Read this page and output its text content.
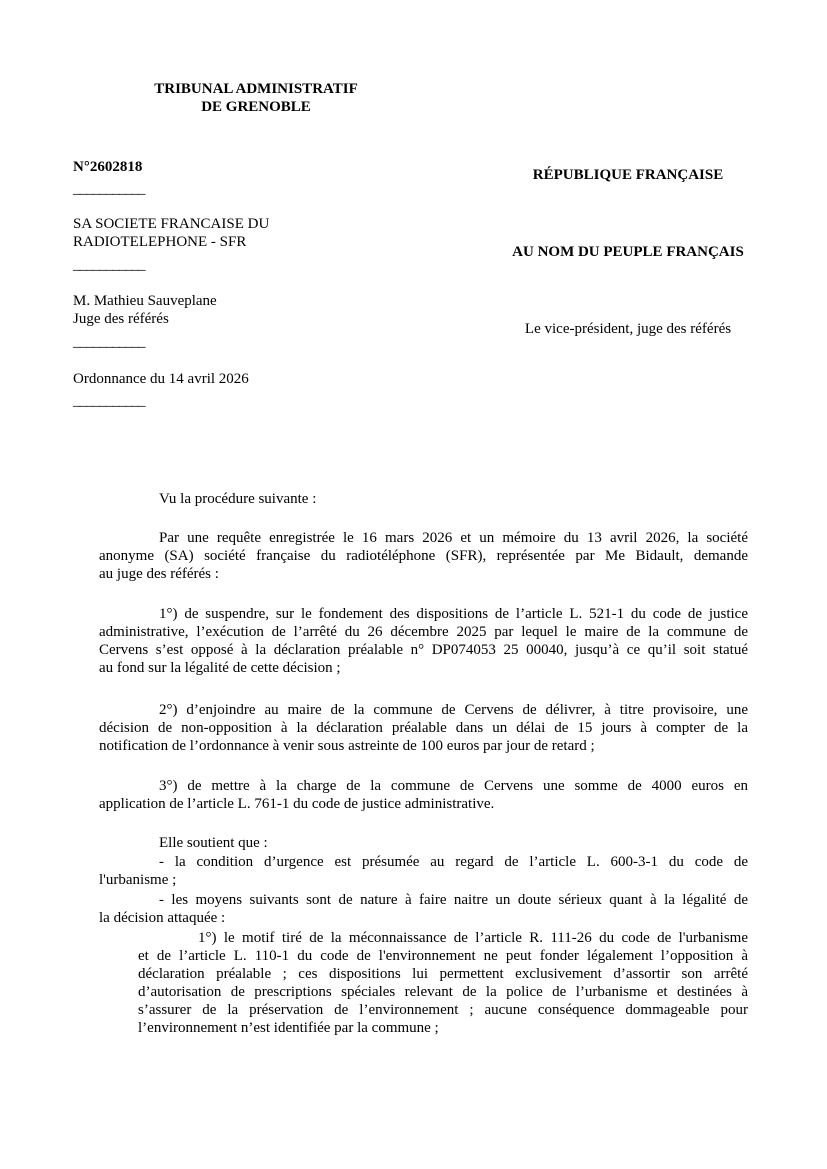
TRIBUNAL ADMINISTRATIF
DE GRENOBLE
N°2602818
___________
SA SOCIETE FRANCAISE DU
RADIOTELEPHONE - SFR
___________
M. Mathieu Sauveplane
Juge des référés
___________
Ordonnance du 14 avril 2026
___________
RÉPUBLIQUE FRANÇAISE
AU NOM DU PEUPLE FRANÇAIS
Le vice-président, juge des référés
Vu la procédure suivante :
Par une requête enregistrée le 16 mars 2026 et un mémoire du 13 avril 2026, la société
anonyme (SA) société française du radiotéléphone (SFR), représentée par Me Bidault, demande
au juge des référés :
1°) de suspendre, sur le fondement des dispositions de l’article L. 521-1 du code de justice
administrative, l’exécution de l’arrêté du 26 décembre 2025 par lequel le maire de la commune de
Cervens s’est opposé à la déclaration préalable n° DP074053 25 00040, jusqu’à ce qu’il soit statué
au fond sur la légalité de cette décision ;
2°) d’enjoindre au maire de la commune de Cervens de délivrer, à titre provisoire, une
décision de non-opposition à la déclaration préalable dans un délai de 15 jours à compter de la
notification de l’ordonnance à venir sous astreinte de 100 euros par jour de retard ;
3°) de mettre à la charge de la commune de Cervens une somme de 4000 euros en
application de l’article L. 761-1 du code de justice administrative.
Elle soutient que :
- la condition d’urgence est présumée au regard de l’article L. 600-3-1 du code de
l'urbanisme ;
- les moyens suivants sont de nature à faire naitre un doute sérieux quant à la légalité de
la décision attaquée :
1°) le motif tiré de la méconnaissance de l’article R. 111-26 du code de l'urbanisme
et de l’article L. 110-1 du code de l'environnement ne peut fonder légalement l’opposition à
déclaration préalable ; ces dispositions lui permettent exclusivement d’assortir son arrêté
d’autorisation de prescriptions spéciales relevant de la police de l’urbanisme et destinées à
s’assurer de la préservation de l’environnement ; aucune conséquence dommageable pour
l’environnement n’est identifiée par la commune ;
